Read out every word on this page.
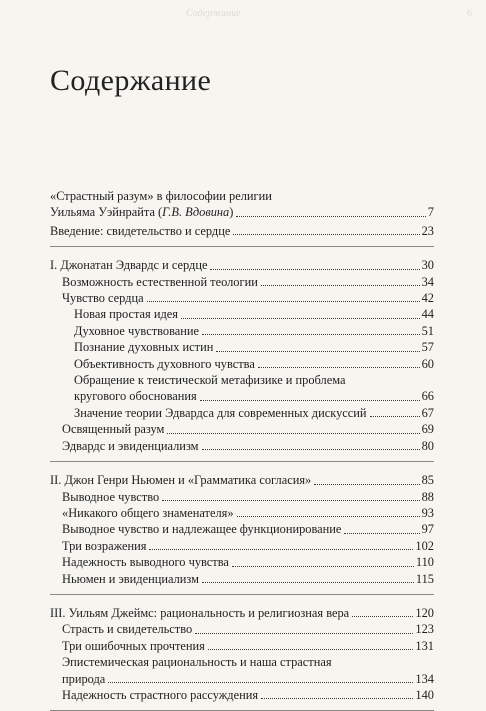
Содержание	6
Содержание
«Страстный разум» в философии религии
Уильяма Уэйнрайта (Г.В. Вдовина)	7
Введение: свидетельство и сердце	23
I. Джонатан Эдвардс и сердце	30
Возможность естественной теологии	34
Чувство сердца	42
Новая простая идея	44
Духовное чувствование	51
Познание духовных истин	57
Объективность духовного чувства	60
Обращение к теистической метафизике и проблема
кругового обоснования	66
Значение теории Эдвардса для современных дискуссий	67
Освященный разум	69
Эдвардс и эвиденциализм	80
II. Джон Генри Ньюмен и «Грамматика согласия»	85
Выводное чувство	88
«Никакого общего знаменателя»	93
Выводное чувство и надлежащее функционирование	97
Три возражения	102
Надежность выводного чувства	110
Ньюмен и эвиденциализм	115
III. Уильям Джеймс: рациональность и религиозная вера	120
Страсть и свидетельство	123
Три ошибочных прочтения	131
Эпистемическая рациональность и наша страстная
природа	134
Надежность страстного рассуждения	140
